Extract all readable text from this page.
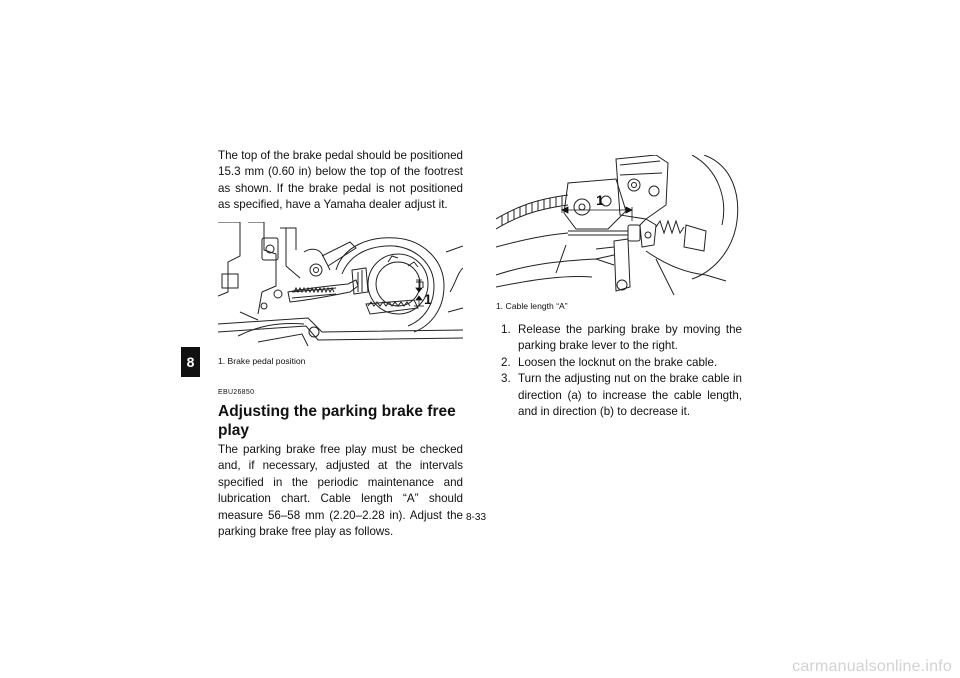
8

The top of the brake pedal should be positioned 15.3 mm (0.60 in) below the top of the footrest as shown. If the brake pedal is not positioned as specified, have a Yamaha dealer adjust it.

1
1. Brake pedal position
EBU26850
Adjusting the parking brake free play

The parking brake free play must be checked and, if necessary, adjusted at the intervals specified in the periodic maintenance and lubrication chart. Cable length “A” should measure 56–58 mm (2.20–2.28 in). Adjust the parking brake free play as follows.

1
1. Cable length “A”
1. Release the parking brake by moving the parking brake lever to the right.
2. Loosen the locknut on the brake cable.
3. Turn the adjusting nut on the brake cable in direction (a) to increase the cable length, and in direction (b) to decrease it.
8-33
carmanualsonline.info
